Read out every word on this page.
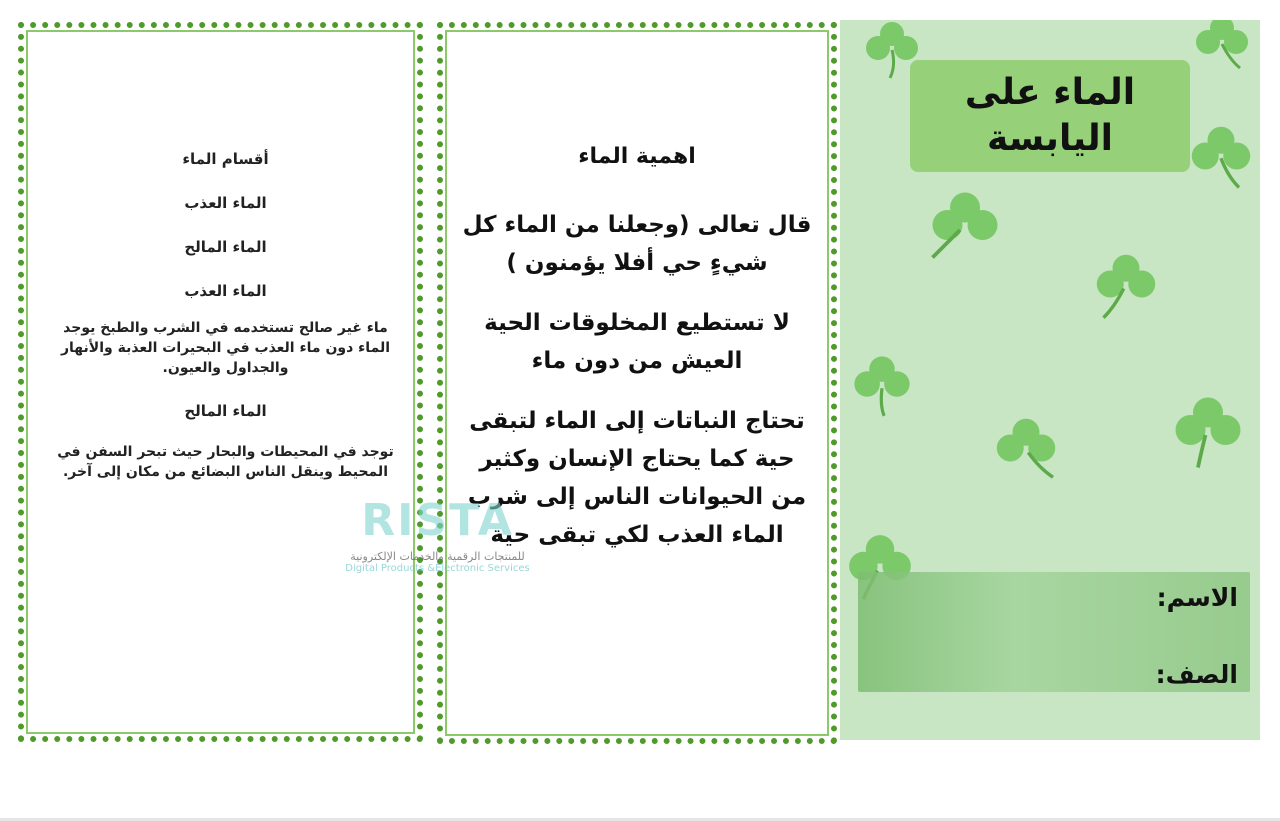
أقسام الماء

الماء العذب

الماء المالح

الماء العذب

ماء غير صالح تستخدمه في الشرب والطبخ يوجد الماء دون ماء العذب في البحيرات العذبة والأنهار والجداول والعيون.

الماء المالح

توجد في المحيطات والبحار حيث تبحر السفن في المحيط وينقل الناس البضائع من مكان إلى آخر.

اهمية الماء
قال تعالى (وجعلنا من الماء كل شيءٍ حي أفلا يؤمنون )
لا تستطيع المخلوقات الحية العيش من دون ماء
تحتاج النباتات إلى الماء لتبقى حية كما يحتاج الإنسان وكثير من الحيوانات الناس إلى شرب الماء العذب لكي تبقى حية
الماء على
اليابسة
الاسم:
الصف:
RISTA
للمنتجات الرقمية والخدمات الإلكترونية
Digital Products &Electronic Services
